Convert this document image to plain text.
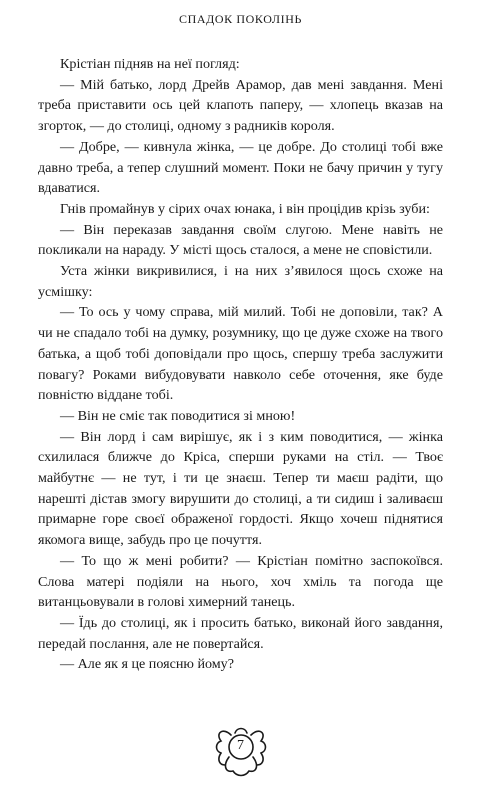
СПАДОК ПОКОЛІНЬ

Крістіан підняв на неї погляд:

— Мій батько, лорд Дрейв Арамор, дав мені завдання. Мені треба приставити ось цей клапоть паперу, — хлопець вказав на згорток, — до столиці, одному з радників короля.

— Добре, — кивнула жінка, — це добре. До столиці тобі вже давно треба, а тепер слушний момент. Поки не бачу причин у тугу вдаватися.

Гнів промайнув у сірих очах юнака, і він процідив крізь зуби:

— Він переказав завдання своїм слугою. Мене навіть не покликали на нараду. У місті щось сталося, а мене не сповістили.

Уста жінки викривилися, і на них з’явилося щось схоже на усмішку:

— То ось у чому справа, мій милий. Тобі не доповіли, так? А чи не спадало тобі на думку, розумнику, що це дуже схоже на твого батька, а щоб тобі доповідали про щось, спершу треба заслужити повагу? Роками вибудовувати навколо себе оточення, яке буде повністю віддане тобі.

— Він не сміє так поводитися зі мною!

— Він лорд і сам вирішує, як і з ким поводитися, — жінка схилилася ближче до Кріса, сперши руками на стіл. — Твоє майбутнє — не тут, і ти це знаєш. Тепер ти маєш радіти, що нарешті дістав змогу вирушити до столиці, а ти сидиш і заливаєш примарне горе своєї ображеної гордості. Якщо хочеш піднятися якомога вище, забудь про це почуття.

— То що ж мені робити? — Крістіан помітно заспокоївся. Слова матері подіяли на нього, хоч хміль та погода ще витанцьовували в голові химерний танець.

— Їдь до столиці, як і просить батько, виконай його завдання, передай послання, але не повертайся.

— Але як я це поясню йому?

7
